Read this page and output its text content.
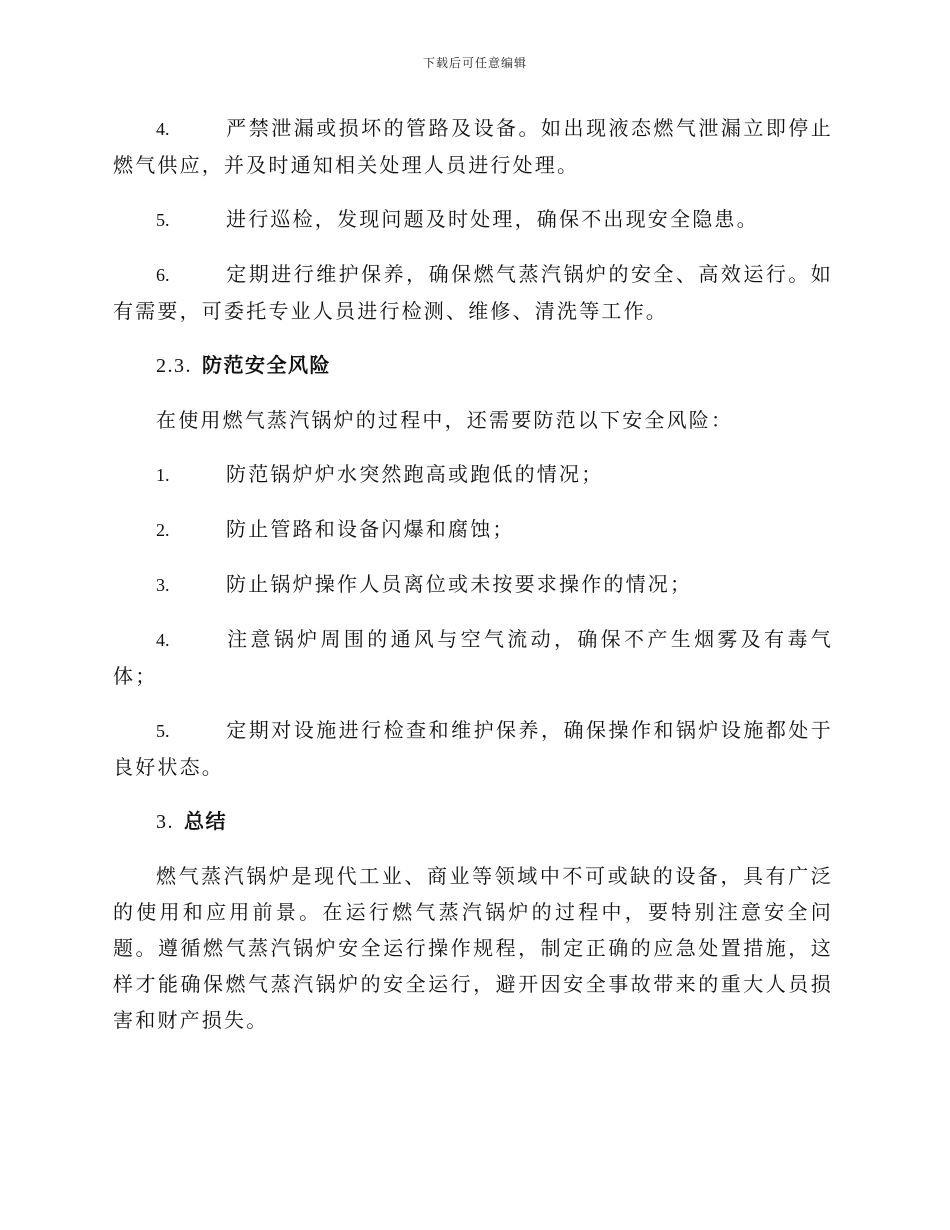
下载后可任意编辑

4.	严禁泄漏或损坏的管路及设备。如出现液态燃气泄漏立即停止燃气供应，并及时通知相关处理人员进行处理。

5.	进行巡检，发现问题及时处理，确保不出现安全隐患。

6.	定期进行维护保养，确保燃气蒸汽锅炉的安全、高效运行。如有需要，可委托专业人员进行检测、维修、清洗等工作。

2.3. 防范安全风险

在使用燃气蒸汽锅炉的过程中，还需要防范以下安全风险：

1.	防范锅炉炉水突然跑高或跑低的情况；

2.	防止管路和设备闪爆和腐蚀；

3.	防止锅炉操作人员离位或未按要求操作的情况；

4.	注意锅炉周围的通风与空气流动，确保不产生烟雾及有毒气体；

5.	定期对设施进行检查和维护保养，确保操作和锅炉设施都处于良好状态。

3. 总结

燃气蒸汽锅炉是现代工业、商业等领域中不可或缺的设备，具有广泛的使用和应用前景。在运行燃气蒸汽锅炉的过程中，要特别注意安全问题。遵循燃气蒸汽锅炉安全运行操作规程，制定正确的应急处置措施，这样才能确保燃气蒸汽锅炉的安全运行，避开因安全事故带来的重大人员损害和财产损失。
